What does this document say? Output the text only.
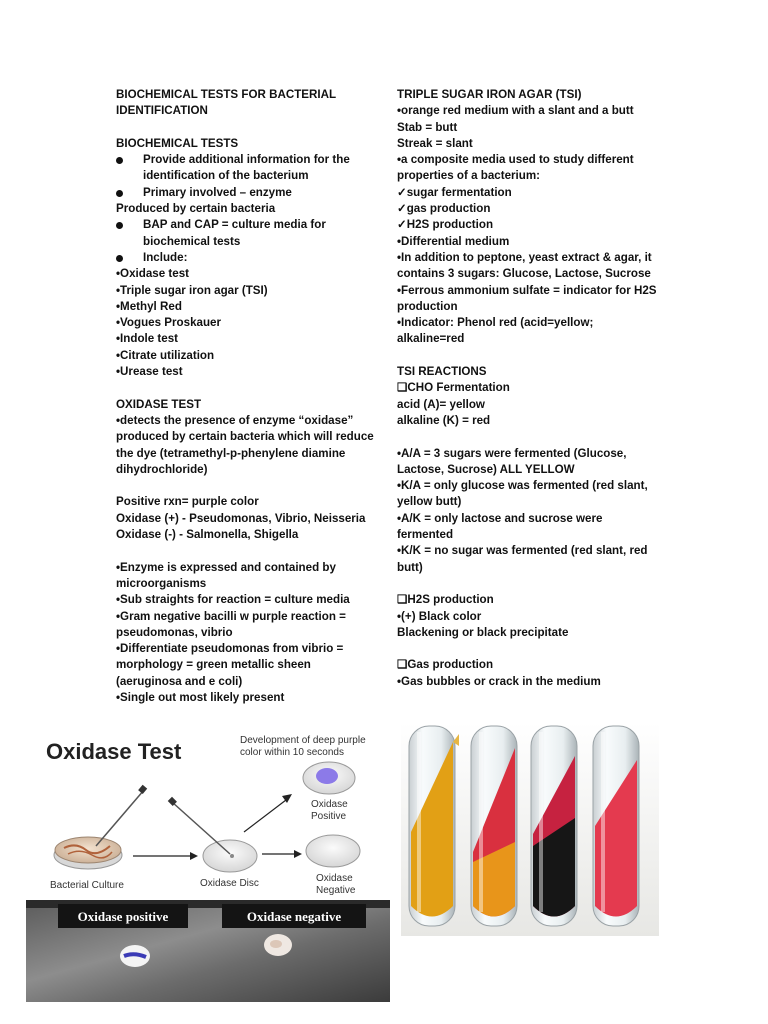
BIOCHEMICAL TESTS FOR BACTERIAL
IDENTIFICATION
BIOCHEMICAL TESTS
Provide additional information for the identification of the bacterium
Primary involved – enzyme
Produced by certain bacteria
BAP and CAP = culture media for biochemical tests
Include:
•Oxidase test
•Triple sugar iron agar (TSI)
•Methyl Red
•Vogues Proskauer
•Indole test
•Citrate utilization
•Urease test
OXIDASE TEST
•detects the presence of enzyme “oxidase” produced by certain bacteria which will reduce the dye (tetramethyl-p-phenylene diamine dihydrochloride)
Positive rxn= purple color
Oxidase (+) - Pseudomonas, Vibrio, Neisseria
Oxidase (-) - Salmonella, Shigella
•Enzyme is expressed and contained by microorganisms
•Sub straights for reaction = culture media
•Gram negative bacilli w purple reaction = pseudomonas, vibrio
•Differentiate pseudomonas from vibrio = morphology = green metallic sheen (aeruginosa and e coli)
•Single out most likely present
TRIPLE SUGAR IRON AGAR (TSI)
•orange red medium with a slant and a butt
Stab = butt
Streak = slant
•a composite media used to study different properties of a bacterium:
✓sugar fermentation
✓gas production
✓H2S production
•Differential medium
•In addition to peptone, yeast extract & agar, it contains 3 sugars: Glucose, Lactose, Sucrose
•Ferrous ammonium sulfate = indicator for H2S production
•Indicator: Phenol red (acid=yellow; alkaline=red
TSI REACTIONS
❑CHO Fermentation
acid (A)= yellow
alkaline (K) = red
•A/A = 3 sugars were fermented (Glucose, Lactose, Sucrose) ALL YELLOW
•K/A = only glucose was fermented (red slant, yellow butt)
•A/K = only lactose and sucrose were fermented
•K/K = no sugar was fermented (red slant, red butt)
❑H2S production
•(+) Black color
Blackening or black precipitate
❑Gas production
•Gas bubbles or crack in the medium
Oxidase Test	Development of deep purple
color within 10 seconds
Bacterial Culture	Oxidase Disc
Oxidase
Positive
Oxidase
Negative
Oxidase positive	Oxidase negative
